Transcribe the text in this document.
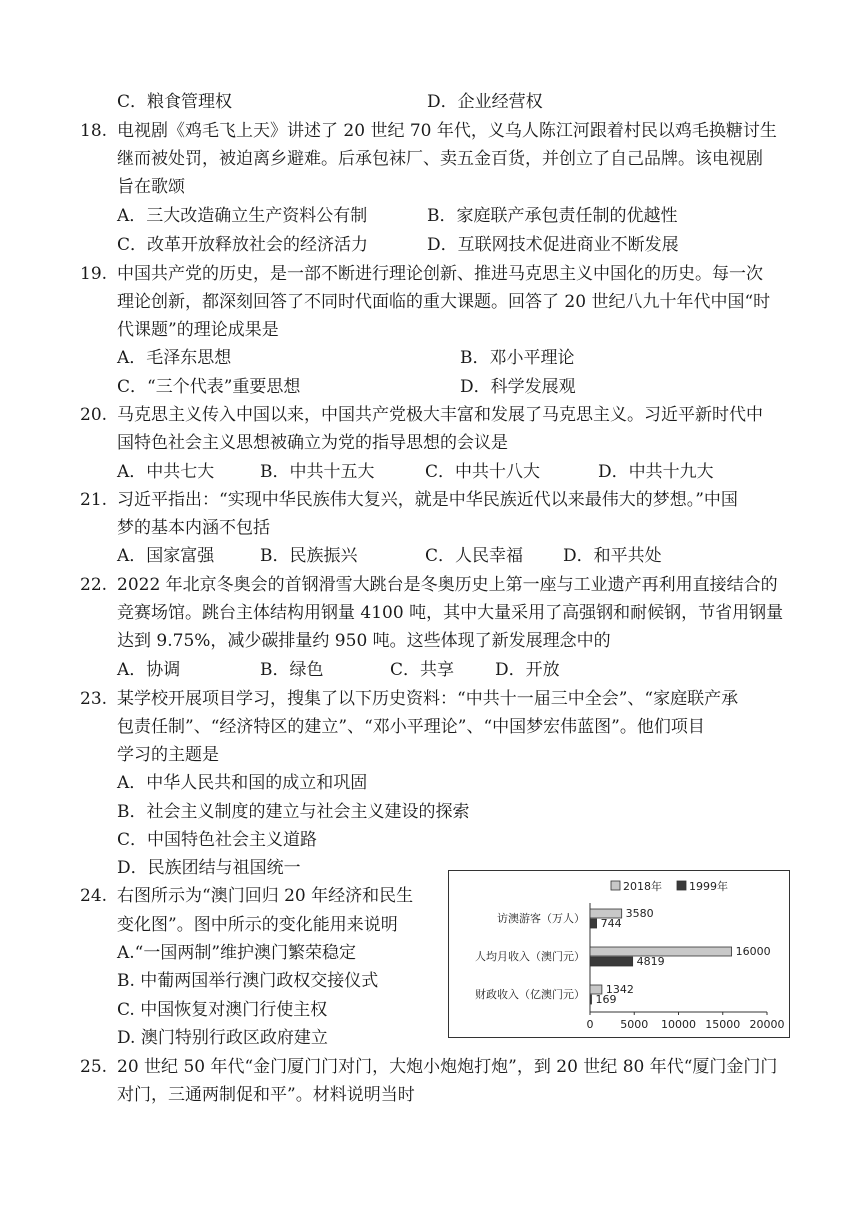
C．粮食管理权	D．企业经营权
18. 电视剧《鸡毛飞上天》讲述了 20 世纪 70 年代，义乌人陈江河跟着村民以鸡毛换糖讨生
继而被处罚，被迫离乡避难。后承包袜厂、卖五金百货，并创立了自己品牌。该电视剧
旨在歌颂
A．三大改造确立生产资料公有制	B．家庭联产承包责任制的优越性
C．改革开放释放社会的经济活力	D．互联网技术促进商业不断发展
19. 中国共产党的历史，是一部不断进行理论创新、推进马克思主义中国化的历史。每一次
理论创新，都深刻回答了不同时代面临的重大课题。回答了 20 世纪八九十年代中国“时
代课题”的理论成果是
A．毛泽东思想	B．邓小平理论
C．“三个代表”重要思想	D．科学发展观
20. 马克思主义传入中国以来，中国共产党极大丰富和发展了马克思主义。习近平新时代中
国特色社会主义思想被确立为党的指导思想的会议是
A．中共七大	B．中共十五大	C．中共十八大	D．中共十九大
21. 习近平指出：“实现中华民族伟大复兴，就是中华民族近代以来最伟大的梦想。”中国
梦的基本内涵不包括
A．国家富强	B．民族振兴	C．人民幸福 D．和平共处
22. 2022 年北京冬奥会的首钢滑雪大跳台是冬奥历史上第一座与工业遗产再利用直接结合的
竞赛场馆。跳台主体结构用钢量 4100 吨，其中大量采用了高强钢和耐候钢，节省用钢量
达到 9.75%，减少碳排量约 950 吨。这些体现了新发展理念中的
A．协调	B．绿色	C．共享 D．开放
23. 某学校开展项目学习，搜集了以下历史资料：“中共十一届三中全会”、“家庭联产承
包责任制”、“经济特区的建立”、“邓小平理论”、“中国梦宏伟蓝图”。他们项目
学习的主题是
A．中华人民共和国的成立和巩固
B．社会主义制度的建立与社会主义建设的探索
C．中国特色社会主义道路
D．民族团结与祖国统一
24. 右图所示为“澳门回归 20 年经济和民生
变化图”。图中所示的变化能用来说明
A.“一国两制”维护澳门繁荣稳定
B. 中葡两国举行澳门政权交接仪式
C. 中国恢复对澳门行使主权
D. 澳门特别行政区政府建立
2018年 1999年
0 5000 10000 15000 20000
访澳游客（万人）	3580
744
人均月收入（澳门元）	16000
4819
财政收入（亿澳门元） 1342
169
25. 20 世纪 50 年代“金门厦门门对门，大炮小炮炮打炮”，到 20 世纪 80 年代“厦门金门门
对门，三通两制促和平”。材料说明当时
